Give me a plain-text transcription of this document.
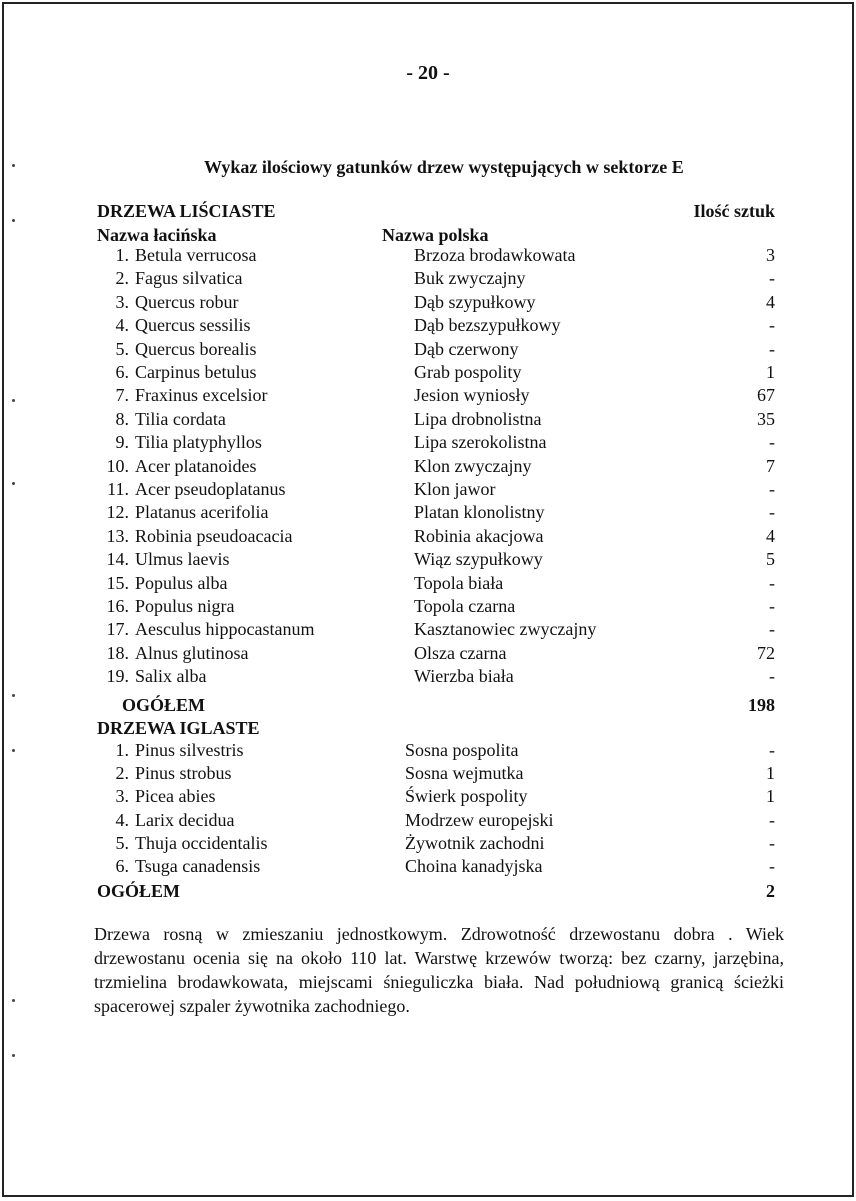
- 20 -
Wykaz ilościowy gatunków drzew występujących w sektorze E
DRZEWA LIŚCIASTE	Ilość sztuk
Nazwa łacińska	Nazwa polska
1. Betula verrucosa	Brzoza brodawkowata	3
2. Fagus silvatica	Buk zwyczajny	-
3. Quercus robur	Dąb szypułkowy	4
4. Quercus sessilis	Dąb bezszypułkowy	-
5. Quercus borealis	Dąb czerwony	-
6. Carpinus betulus	Grab pospolity	1
7. Fraxinus excelsior	Jesion wyniosły	67
8. Tilia cordata	Lipa drobnolistna	35
9. Tilia platyphyllos	Lipa szerokolistna	-
10. Acer platanoides	Klon zwyczajny	7
11. Acer pseudoplatanus	Klon jawor	-
12. Platanus acerifolia	Platan klonolistny	-
13. Robinia pseudoacacia	Robinia akacjowa	4
14. Ulmus laevis	Wiąz szypułkowy	5
15. Populus alba	Topola biała	-
16. Populus nigra	Topola czarna	-
17. Aesculus hippocastanum	Kasztanowiec zwyczajny	-
18. Alnus glutinosa	Olsza czarna	72
19. Salix alba	Wierzba biała	-
OGÓŁEM	198
DRZEWA IGLASTE
1. Pinus silvestris	Sosna pospolita	-
2. Pinus strobus	Sosna wejmutka	1
3. Picea abies	Świerk pospolity	1
4. Larix decidua	Modrzew europejski	-
5. Thuja occidentalis	Żywotnik zachodni	-
6. Tsuga canadensis	Choina kanadyjska	-
OGÓŁEM	2
Drzewa rosną w zmieszaniu jednostkowym. Zdrowotność drzewostanu dobra . Wiek drzewostanu ocenia się na około 110 lat. Warstwę krzewów tworzą: bez czarny, jarzębina, trzmielina brodawkowata, miejscami śnieguliczka biała. Nad południową granicą ścieżki spacerowej szpaler żywotnika zachodniego.
